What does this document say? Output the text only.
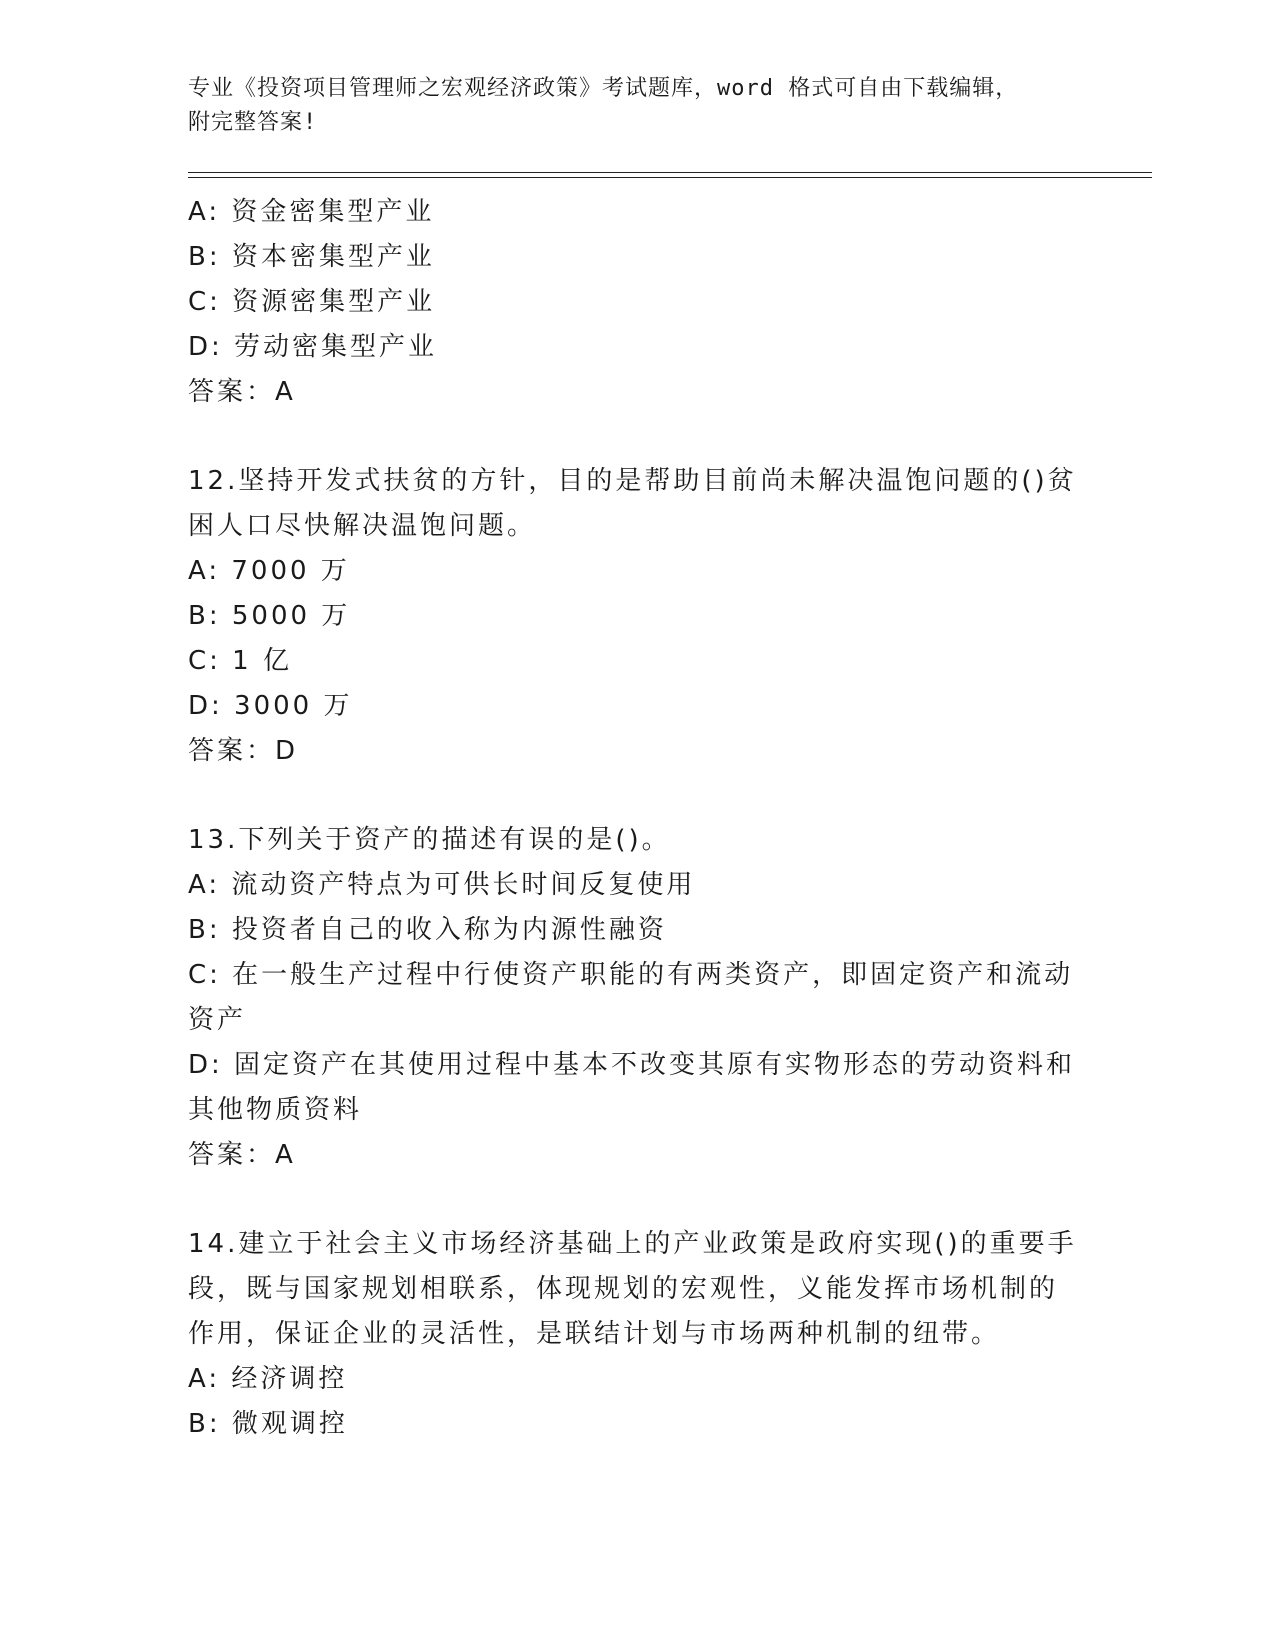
专业《投资项目管理师之宏观经济政策》考试题库，word 格式可自由下载编辑，
附完整答案!
A: 资金密集型产业
B: 资本密集型产业
C: 资源密集型产业
D: 劳动密集型产业
答案：A
12.坚持开发式扶贫的方针，目的是帮助目前尚未解决温饱问题的()贫
困人口尽快解决温饱问题。
A: 7000 万
B: 5000 万
C: 1 亿
D: 3000 万
答案：D
13.下列关于资产的描述有误的是()。
A: 流动资产特点为可供长时间反复使用
B: 投资者自己的收入称为内源性融资
C: 在一般生产过程中行使资产职能的有两类资产，即固定资产和流动
资产
D: 固定资产在其使用过程中基本不改变其原有实物形态的劳动资料和
其他物质资料
答案：A
14.建立于社会主义市场经济基础上的产业政策是政府实现()的重要手
段，既与国家规划相联系，体现规划的宏观性，义能发挥市场机制的
作用，保证企业的灵活性，是联结计划与市场两种机制的纽带。
A: 经济调控
B: 微观调控
